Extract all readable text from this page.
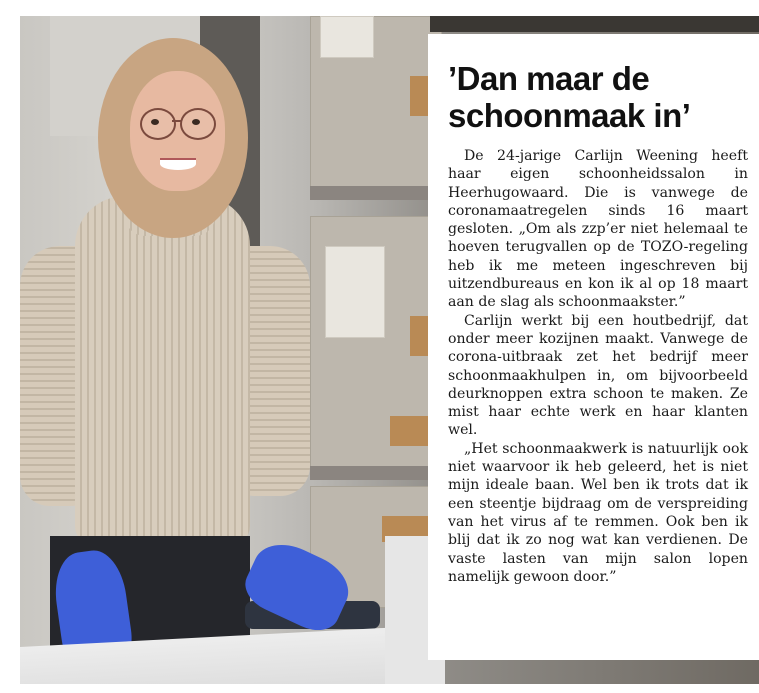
’Dan maar de schoonmaak in’

De 24-jarige Carlijn Weening heeft haar eigen schoonheidssalon in Heerhugowaard. Die is vanwege de coronamaatregelen sinds 16 maart gesloten. „Om als zzp’er niet helemaal te hoeven terugvallen op de TOZO-regeling heb ik me meteen ingeschreven bij uitzendbureaus en kon ik al op 18 maart aan de slag als schoonmaakster.”

Carlijn werkt bij een houtbedrijf, dat onder meer kozijnen maakt. Vanwege de corona-uitbraak zet het bedrijf meer schoonmaakhulpen in, om bijvoorbeeld deurknoppen extra schoon te maken. Ze mist haar echte werk en haar klanten wel.

„Het schoonmaakwerk is natuurlijk ook niet waarvoor ik heb geleerd, het is niet mijn ideale baan. Wel ben ik trots dat ik een steentje bijdraag om de verspreiding van het virus af te remmen. Ook ben ik blij dat ik zo nog wat kan verdienen. De vaste lasten van mijn salon lopen namelijk gewoon door.”
